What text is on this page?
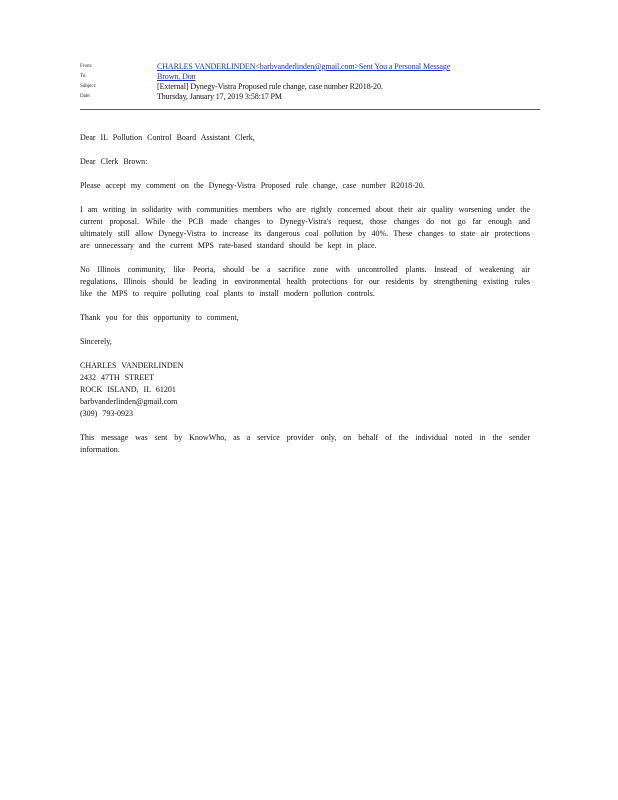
From:	CHARLES VANDERLINDEN<barbvanderlinden@gmail.com>Sent You a Personal Message
To:	Brown, Don
Subject:	[External] Dynegy-Vistra Proposed rule change, case number R2018-20.
Date:	Thursday, January 17, 2019 3:58:17 PM

Dear IL Pollution Control Board Assistant Clerk,

Dear Clerk Brown:

Please accept my comment on the Dynegy-Vistra Proposed rule change, case number R2018-20.

I am writing in solidarity with communities members who are rightly concerned about their air quality worsening under the current proposal. While the PCB made changes to Dynegy-Vistra's request, those changes do not go far enough and ultimately still allow Dynegy-Vistra to increase its dangerous coal pollution by 40%. These changes to state air protections are unnecessary and the current MPS rate-based standard should be kept in place.

No Illinois community, like Peoria, should be a sacrifice zone with uncontrolled plants. Instead of weakening air regulations, Illinois should be leading in environmental health protections for our residents by strengthening existing rules like the MPS to require polluting coal plants to install modern pollution controls.

Thank you for this opportunity to comment,

Sincerely,

CHARLES VANDERLINDEN
2432 47TH STREET
ROCK ISLAND, IL 61201
barbvanderlinden@gmail.com
(309) 793-0923

This message was sent by KnowWho, as a service provider only, on behalf of the individual noted in the sender information.
